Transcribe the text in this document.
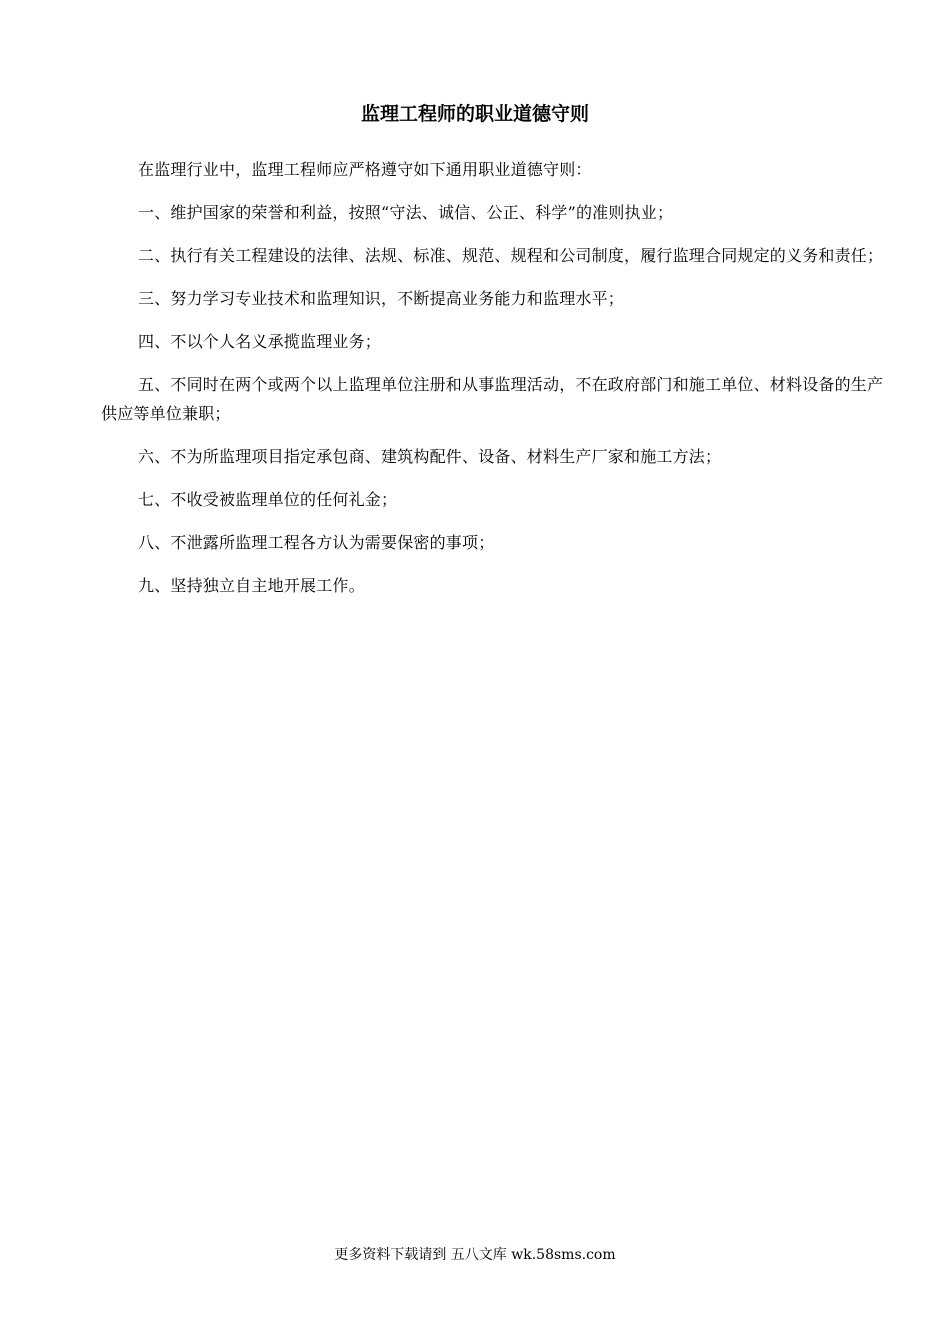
监理工程师的职业道德守则

在监理行业中，监理工程师应严格遵守如下通用职业道德守则：

一、维护国家的荣誉和利益，按照“守法、诚信、公正、科学”的准则执业；

二、执行有关工程建设的法律、法规、标准、规范、规程和公司制度，履行监理合同规定的义务和责任；

三、努力学习专业技术和监理知识，不断提高业务能力和监理水平；

四、不以个人名义承揽监理业务；

五、不同时在两个或两个以上监理单位注册和从事监理活动，不在政府部门和施工单位、材料设备的生产供应等单位兼职；

六、不为所监理项目指定承包商、建筑构配件、设备、材料生产厂家和施工方法；

七、不收受被监理单位的任何礼金；

八、不泄露所监理工程各方认为需要保密的事项；

九、坚持独立自主地开展工作。

更多资料下载请到 五八文库 wk.58sms.com
